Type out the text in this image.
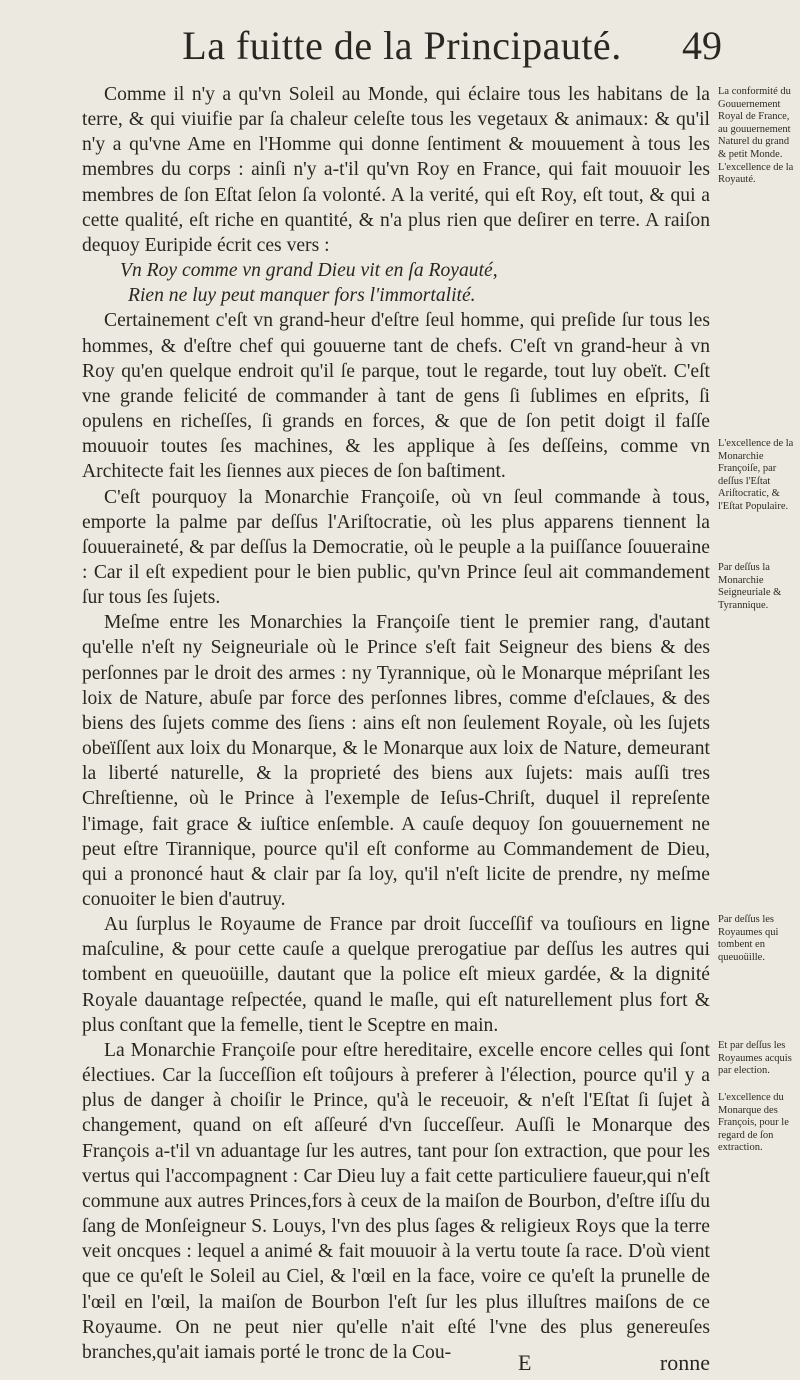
La fuitte de la Principauté.	49

Comme il n'y a qu'vn Soleil au Monde, qui éclaire tous les habitans de la terre, & qui viuifie par ſa chaleur celeſte tous les vegetaux & animaux: & qu'il n'y a qu'vne Ame en l'Homme qui donne ſentiment & mouuement à tous les membres du corps : ainſi n'y a-t'il qu'vn Roy en France, qui fait mouuoir les membres de ſon Eſtat ſelon ſa volonté. A la verité, qui eſt Roy, eſt tout, & qui a cette qualité, eſt riche en quantité, & n'a plus rien que deſirer en terre. A raiſon dequoy Euripide écrit ces vers :

Vn Roy comme vn grand Dieu vit en ſa Royauté,
Rien ne luy peut manquer fors l'immortalité.

Certainement c'eſt vn grand-heur d'eſtre ſeul homme, qui preſide ſur tous les hommes, & d'eſtre chef qui gouuerne tant de chefs. C'eſt vn grand-heur à vn Roy qu'en quelque endroit qu'il ſe parque, tout le regarde, tout luy obeït. C'eſt vne grande felicité de commander à tant de gens ſi ſublimes en eſprits, ſi opulens en richeſſes, ſi grands en forces, & que de ſon petit doigt il faſſe mouuoir toutes ſes machines, & les applique à ſes deſſeins, comme vn Architecte fait les ſiennes aux pieces de ſon baſtiment.

C'eſt pourquoy la Monarchie Françoiſe, où vn ſeul commande à tous, emporte la palme par deſſus l'Ariſtocratie, où les plus apparens tiennent la ſouueraineté, & par deſſus la Democratie, où le peuple a la puiſſance ſouueraine : Car il eſt expedient pour le bien public, qu'vn Prince ſeul ait commandement ſur tous ſes ſujets.

Meſme entre les Monarchies la Françoiſe tient le premier rang, d'autant qu'elle n'eſt ny Seigneuriale où le Prince s'eſt fait Seigneur des biens & des perſonnes par le droit des armes : ny Tyrannique, où le Monarque mépriſant les loix de Nature, abuſe par force des perſonnes libres, comme d'eſclaues, & des biens des ſujets comme des ſiens : ains eſt non ſeulement Royale, où les ſujets obeïſſent aux loix du Monarque, & le Monarque aux loix de Nature, demeurant la liberté naturelle, & la proprieté des biens aux ſujets: mais auſſi tres Chreſtienne, où le Prince à l'exemple de Ieſus-Chriſt, duquel il repreſente l'image, fait grace & iuſtice enſemble. A cauſe dequoy ſon gouuernement ne peut eſtre Tirannique, pource qu'il eſt conforme au Commandement de Dieu, qui a prononcé haut & clair par ſa loy, qu'il n'eſt licite de prendre, ny meſme conuoiter le bien d'autruy.

Au ſurplus le Royaume de France par droit ſucceſſif va touſiours en ligne maſculine, & pour cette cauſe a quelque prerogatiue par deſſus les autres qui tombent en queuoüille, dautant que la police eſt mieux gardée, & la dignité Royale dauantage reſpectée, quand le maſle, qui eſt naturellement plus fort & plus conſtant que la femelle, tient le Sceptre en main.

La Monarchie Françoiſe pour eſtre hereditaire, excelle encore celles qui ſont électiues. Car la ſucceſſion eſt toûjours à preferer à l'élection, pource qu'il y a plus de danger à choiſir le Prince, qu'à le receuoir, & n'eſt l'Eſtat ſi ſujet à changement, quand on eſt aſſeuré d'vn ſucceſſeur. Auſſi le Monarque des François a-t'il vn aduantage ſur les autres, tant pour ſon extraction, que pour les vertus qui l'accompagnent : Car Dieu luy a fait cette particuliere faueur,qui n'eſt commune aux autres Princes,fors à ceux de la maiſon de Bourbon, d'eſtre iſſu du ſang de Monſeigneur S. Louys, l'vn des plus ſages & religieux Roys que la terre veit oncques : lequel a animé & fait mouuoir à la vertu toute ſa race. D'où vient que ce qu'eſt le Soleil au Ciel, & l'œil en la face, voire ce qu'eſt la prunelle de l'œil en l'œil, la maiſon de Bourbon l'eſt ſur les plus illuſtres maiſons de ce Royaume. On ne peut nier qu'elle n'ait eſté l'vne des plus genereuſes branches,qu'ait iamais porté le tronc de la Cou-

La conformité du Gouuernement Royal de France, au gouuernement Naturel du grand & petit Monde. L'excellence de la Royauté.
L'excellence de la Monarchie Françoiſe, par deſſus l'Eſtat Ariſtocratic, & l'Eſtat Populaire.
Par deſſus la Monarchie Seigneuriale & Tyrannique.
Par deſſus les Royaumes qui tombent en queuoüille.
Et par deſſus les Royaumes acquis par election.
L'excellence du Monarque des François, pour le regard de ſon extraction.
E	ronne
